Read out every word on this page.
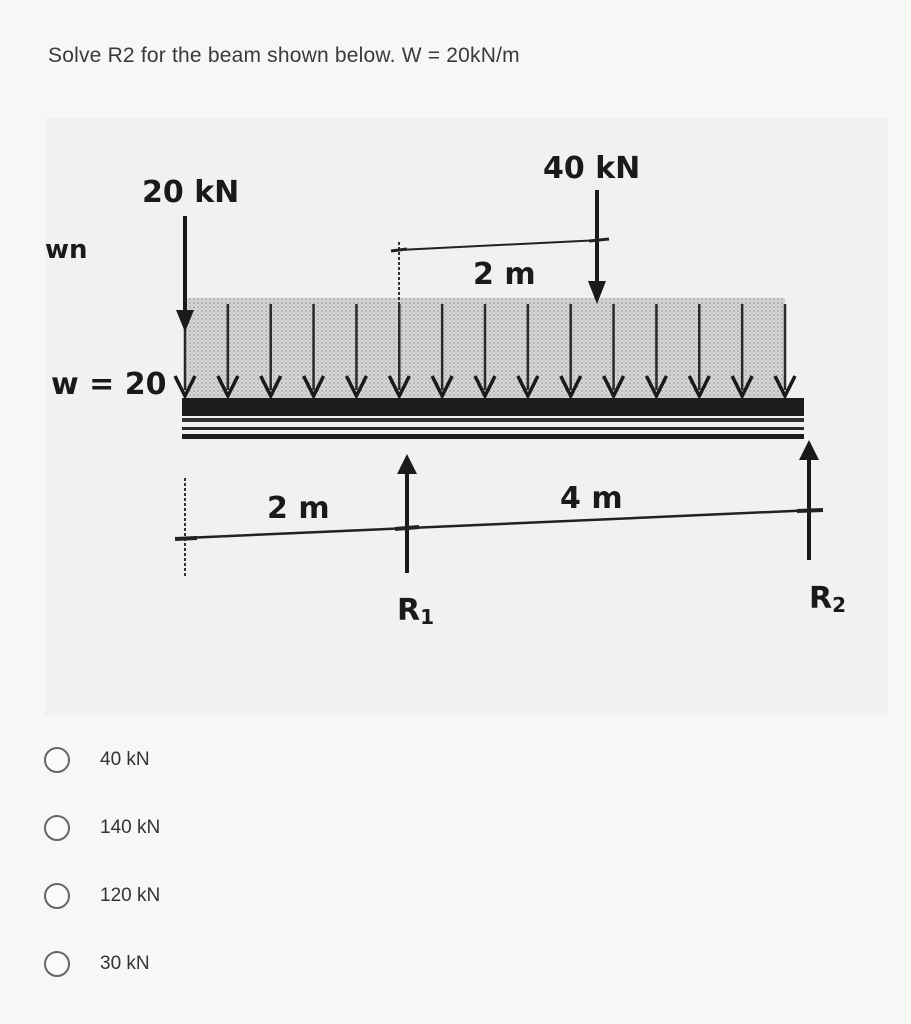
Solve R2 for the beam shown below. W = 20kN/m
wn
20 kN
40 kN
2 m
w = 20
R1
R2
2 m	4 m
40 kN
140 kN
120 kN
30 kN
